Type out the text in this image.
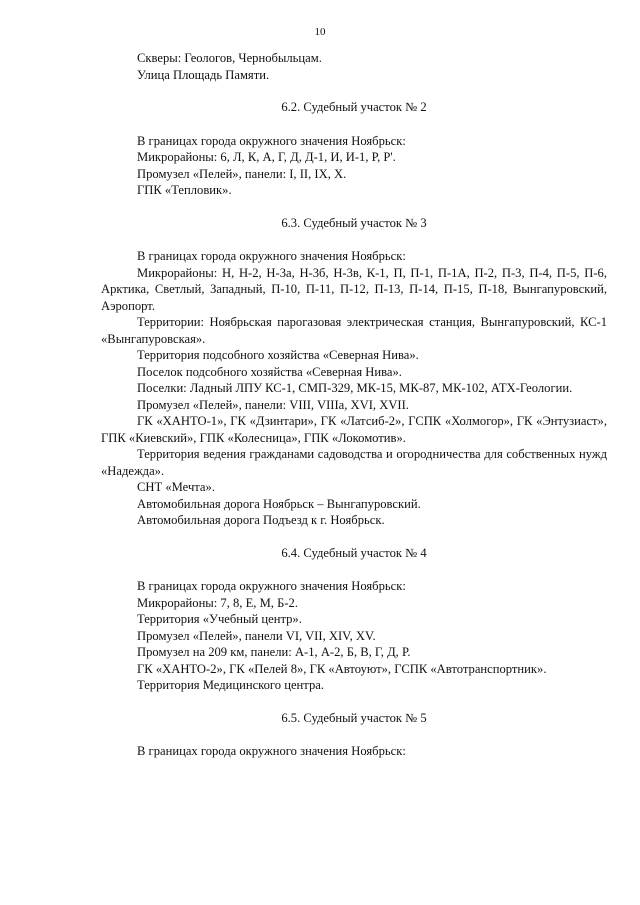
10

Скверы: Геологов, Чернобыльцам.

Улица Площадь Памяти.

6.2. Судебный участок № 2

В границах города окружного значения Ноябрьск:

Микрорайоны: 6, Л, К, А, Г, Д, Д-1, И, И-1, Р, Р'.

Промузел «Пелей», панели: I, II, IX, X.

ГПК «Тепловик».

6.3. Судебный участок № 3

В границах города окружного значения Ноябрьск:

Микрорайоны: Н, Н-2, Н-3а, Н-3б, Н-3в, К-1, П, П-1, П-1А, П-2, П-3, П-4, П-5, П-6, Арктика, Светлый, Западный, П-10, П-11, П-12, П-13, П-14, П-15, П-18, Вынгапуровский, Аэропорт.

Территории: Ноябрьская парогазовая электрическая станция, Вынгапуровский, КС-1 «Вынгапуровская».

Территория подсобного хозяйства «Северная Нива».

Поселок подсобного хозяйства «Северная Нива».

Поселки: Ладный ЛПУ КС-1, СМП-329, МК-15, МК-87, МК-102, АТХ-Геологии.

Промузел «Пелей», панели: VIII, VIIIа, XVI, XVII.

ГК «ХАНТО-1», ГК «Дзинтари», ГК «Латсиб-2», ГСПК «Холмогор», ГК «Энтузиаст», ГПК «Киевский», ГПК «Колесница», ГПК «Локомотив».

Территория ведения гражданами садоводства и огородничества для собственных нужд «Надежда».

СНТ «Мечта».

Автомобильная дорога Ноябрьск – Вынгапуровский.

Автомобильная дорога Подъезд к г. Ноябрьск.

6.4. Судебный участок № 4

В границах города окружного значения Ноябрьск:

Микрорайоны: 7, 8, Е, М, Б-2.

Территория «Учебный центр».

Промузел «Пелей», панели VI, VII, XIV, XV.

Промузел на 209 км, панели: А-1, А-2, Б, В, Г, Д, Р.

ГК «ХАНТО-2», ГК «Пелей 8», ГК «Автоуют», ГСПК «Автотранспортник».

Территория Медицинского центра.

6.5. Судебный участок № 5

В границах города окружного значения Ноябрьск:
